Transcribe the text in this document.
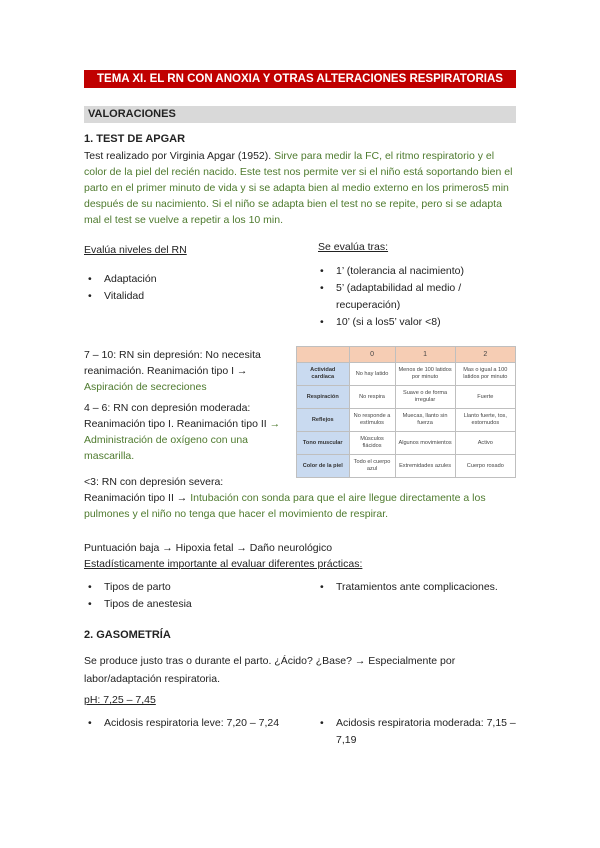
TEMA XI. EL RN CON ANOXIA Y OTRAS ALTERACIONES RESPIRATORIAS
VALORACIONES
1. TEST DE APGAR
Test realizado por Virginia Apgar (1952). Sirve para medir la FC, el ritmo respiratorio y el color de la piel del recién nacido. Este test nos permite ver si el niño está soportando bien el parto en el primer minuto de vida y si se adapta bien al medio externo en los primeros5 min después de su nacimiento. Si el niño se adapta bien el test no se repite, pero si se adapta mal el test se vuelve a repetir a los 10 min.
Evalúa niveles del RN
• Adaptación
• Vitalidad
Se evalúa tras:
• 1’ (tolerancia al nacimiento)
• 5’ (adaptabilidad al medio / recuperación)
• 10’ (si a los5’ valor <8)
7 – 10: RN sin depresión: No necesita reanimación. Reanimación tipo I →
Aspiración de secreciones
4 – 6: RN con depresión moderada: Reanimación tipo I. Reanimación tipo II → Administración de oxígeno con una mascarilla.
	0	1	2
Actividad cardíaca	No hay latido	Menos de 100 latidos por minuto	Mas o igual a 100 latidos por minuto
Respiración	No respira	Suave o de forma irregular	Fuerte
Reflejos	No responde a estímulos	Muecas, llanto sin fuerza	Llanto fuerte, tos, estornudos
Tono muscular	Músculos flácidos	Algunos movimientos	Activo
Color de la piel	Todo el cuerpo azul	Extremidades azules	Cuerpo rosado
<3: RN con depresión severa:
Reanimación tipo II → Intubación con sonda para que el aire llegue directamente a los pulmones y el niño no tenga que hacer el movimiento de respirar.
Puntuación baja → Hipoxia fetal → Daño neurológico
Estadísticamente importante al evaluar diferentes prácticas:
• Tipos de parto
• Tipos de anestesia
• Tratamientos ante complicaciones.
2. GASOMETRÍA
Se produce justo tras o durante el parto. ¿Ácido? ¿Base? → Especialmente por labor/adaptación respiratoria.
pH: 7,25 – 7,45
• Acidosis respiratoria leve: 7,20 – 7,24	• Acidosis respiratoria moderada: 7,15 – 7,19
